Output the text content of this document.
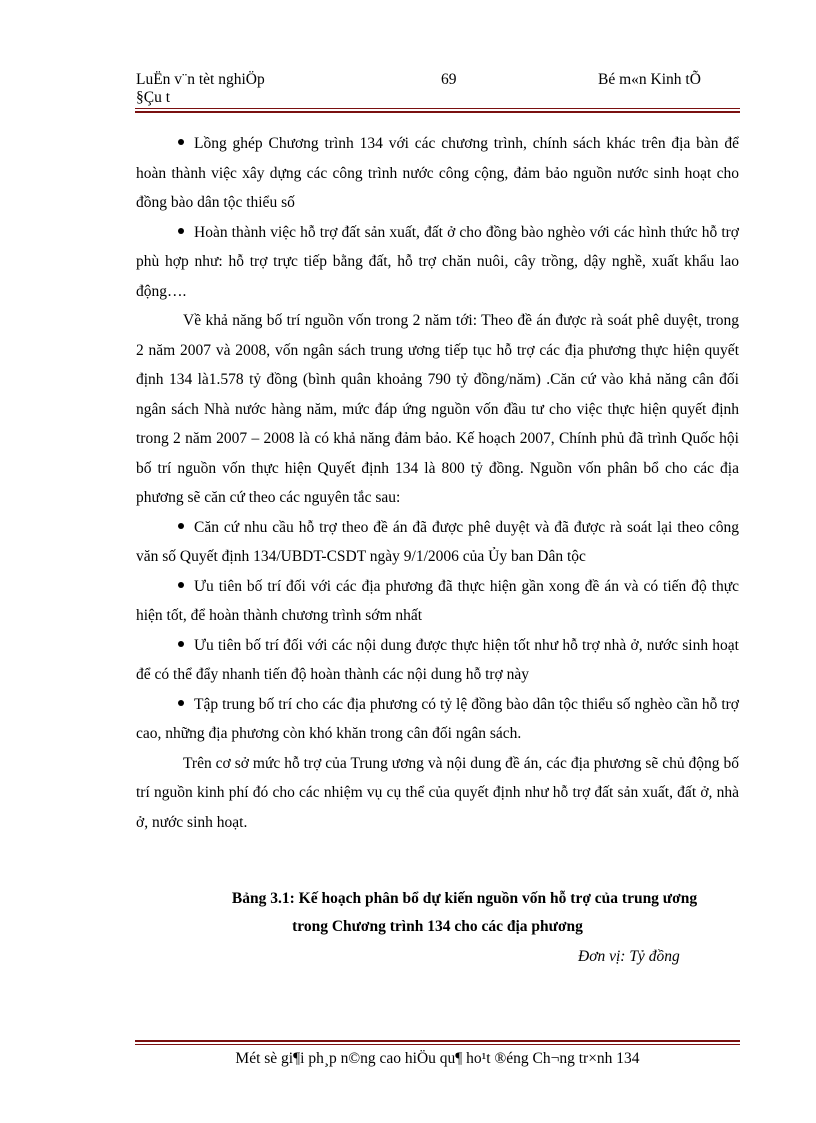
LuËn v¨n tèt nghiÖp
§Çu t
69	Bé m«n Kinh tÕ

Lồng ghép Chương trình 134 với các chương trình, chính sách khác trên địa bàn để hoàn thành việc xây dựng các công trình nước công cộng, đảm bảo nguồn nước sinh hoạt cho đồng bào dân tộc thiểu số

Hoàn thành việc hỗ trợ đất sản xuất, đất ở cho đồng bào nghèo với các hình thức hỗ trợ phù hợp như: hỗ trợ trực tiếp bằng đất, hỗ trợ chăn nuôi, cây trồng, dậy nghề, xuất khẩu lao động….

Về khả năng bố trí nguồn vốn trong 2 năm tới: Theo đề án được rà soát phê duyệt, trong 2 năm 2007 và 2008, vốn ngân sách trung ương tiếp tục hỗ trợ các địa phương thực hiện quyết định 134 là1.578 tỷ đồng (bình quân khoảng 790 tỷ đồng/năm) .Căn cứ vào khả năng cân đối ngân sách Nhà nước hàng năm, mức đáp ứng nguồn vốn đầu tư cho việc thực hiện quyết định trong 2 năm 2007 – 2008 là có khả năng đảm bảo. Kế hoạch 2007, Chính phủ đã trình Quốc hội bố trí nguồn vốn thực hiện Quyết định 134 là 800 tỷ đồng. Nguồn vốn phân bổ cho các địa phương sẽ căn cứ theo các nguyên tắc sau:

Căn cứ nhu cầu hỗ trợ theo đề án đã được phê duyệt và đã được rà soát lại theo công văn số Quyết định 134/UBDT-CSDT ngày 9/1/2006 của Ủy ban Dân tộc

Ưu tiên bố trí đối với các địa phương đã thực hiện gần xong đề án và có tiến độ thực hiện tốt, để hoàn thành chương trình sớm nhất

Ưu tiên bố trí đối với các nội dung được thực hiện tốt như hỗ trợ nhà ở, nước sinh hoạt để có thể đẩy nhanh tiến độ hoàn thành các nội dung hỗ trợ này

Tập trung bố trí cho các địa phương có tỷ lệ đồng bào dân tộc thiểu số nghèo cần hỗ trợ cao, những địa phương còn khó khăn trong cân đối ngân sách.

Trên cơ sở mức hỗ trợ của Trung ương và nội dung đề án, các địa phương sẽ chủ động bố trí nguồn kinh phí đó cho các nhiệm vụ cụ thể của quyết định như hỗ trợ đất sản xuất, đất ở, nhà ở, nước sinh hoạt.

Bảng 3.1: Kế hoạch phân bổ dự kiến nguồn vốn hỗ trợ của trung ương
trong Chương trình 134 cho các địa phương
Đơn vị: Tỷ đồng
Mét sè gi¶i ph¸p n©ng cao hiÖu qu¶ ho¹t ®éng Ch¬ng tr×nh 134
